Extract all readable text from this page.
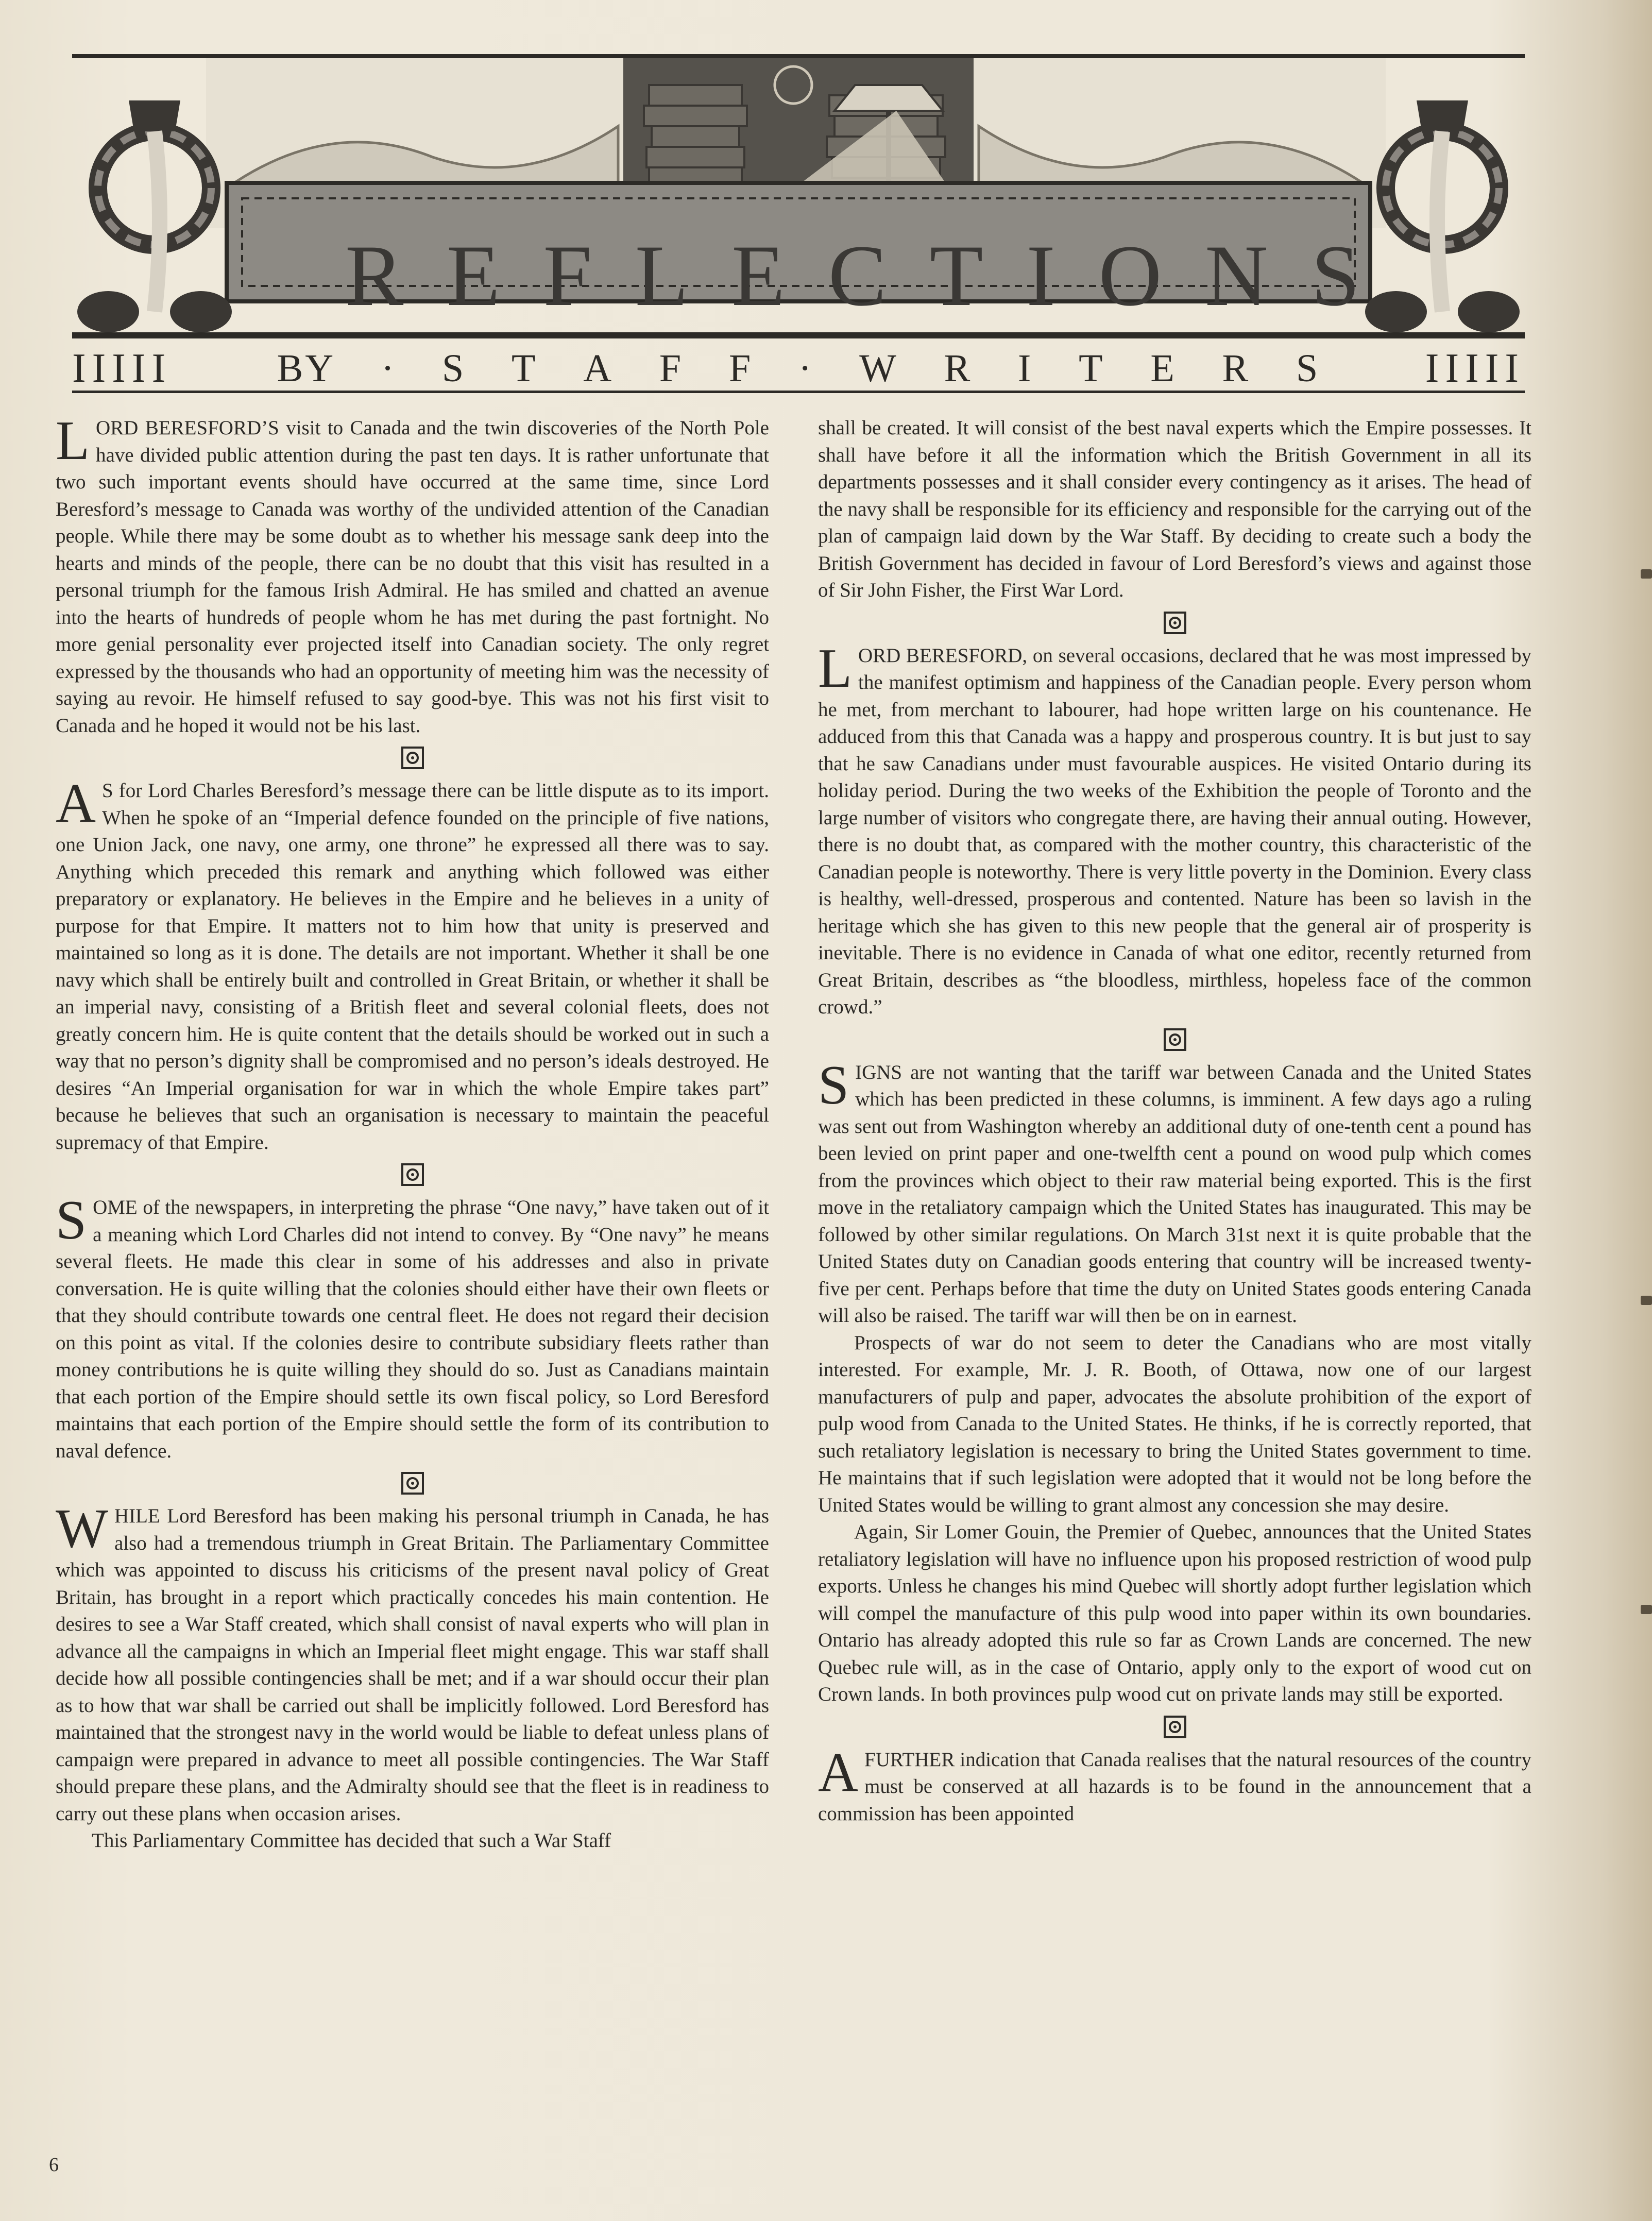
R E F L E C T I O N S
ІІІІІ	BY · S T A F F · W R I T E R S	ІІІІІ

LORD BERESFORD’S visit to Canada and the twin discoveries of the North Pole have divided public attention during the past ten days. It is rather unfortunate that two such important events should have occurred at the same time, since Lord Beresford’s message to Canada was worthy of the undivided attention of the Canadian people. While there may be some doubt as to whether his message sank deep into the hearts and minds of the people, there can be no doubt that this visit has resulted in a personal triumph for the famous Irish Admiral. He has smiled and chatted an avenue into the hearts of hundreds of people whom he has met during the past fortnight. No more genial personality ever projected itself into Canadian society. The only regret expressed by the thousands who had an opportunity of meeting him was the necessity of saying au revoir. He himself refused to say good-bye. This was not his first visit to Canada and he hoped it would not be his last.

A S for Lord Charles Beresford’s message there can be little dispute as to its import. When he spoke of an “Imperial defence founded on the principle of five nations, one Union Jack, one navy, one army, one throne” he expressed all there was to say. Anything which preceded this remark and anything which followed was either preparatory or explanatory. He believes in the Empire and he believes in a unity of purpose for that Empire. It matters not to him how that unity is preserved and maintained so long as it is done. The details are not important. Whether it shall be one navy which shall be entirely built and controlled in Great Britain, or whether it shall be an imperial navy, consisting of a British fleet and several colonial fleets, does not greatly concern him. He is quite content that the details should be worked out in such a way that no person’s dignity shall be compromised and no person’s ideals destroyed. He desires “An Imperial organisation for war in which the whole Empire takes part” because he believes that such an organisation is necessary to maintain the peaceful supremacy of that Empire.

SOME of the newspapers, in interpreting the phrase “One navy,” have taken out of it a meaning which Lord Charles did not intend to convey. By “One navy” he means several fleets. He made this clear in some of his addresses and also in private conversation. He is quite willing that the colonies should either have their own fleets or that they should contribute towards one central fleet. He does not regard their decision on this point as vital. If the colonies desire to contribute subsidiary fleets rather than money contributions he is quite willing they should do so. Just as Canadians maintain that each portion of the Empire should settle its own fiscal policy, so Lord Beresford maintains that each portion of the Empire should settle the form of its contribution to naval defence.

WHILE Lord Beresford has been making his personal triumph in Canada, he has also had a tremendous triumph in Great Britain. The Parliamentary Committee which was appointed to discuss his criticisms of the present naval policy of Great Britain, has brought in a report which practically concedes his main contention. He desires to see a War Staff created, which shall consist of naval experts who will plan in advance all the campaigns in which an Imperial fleet might engage. This war staff shall decide how all possible contingencies shall be met; and if a war should occur their plan as to how that war shall be carried out shall be implicitly followed. Lord Beresford has maintained that the strongest navy in the world would be liable to defeat unless plans of campaign were prepared in advance to meet all possible contingencies. The War Staff should prepare these plans, and the Admiralty should see that the fleet is in readiness to carry out these plans when occasion arises.

This Parliamentary Committee has decided that such a War Staff

shall be created. It will consist of the best naval experts which the Empire possesses. It shall have before it all the information which the British Government in all its departments possesses and it shall consider every contingency as it arises. The head of the navy shall be responsible for its efficiency and responsible for the carrying out of the plan of campaign laid down by the War Staff. By deciding to create such a body the British Government has decided in favour of Lord Beresford’s views and against those of Sir John Fisher, the First War Lord.

LORD BERESFORD, on several occasions, declared that he was most impressed by the manifest optimism and happiness of the Canadian people. Every person whom he met, from merchant to labourer, had hope written large on his countenance. He adduced from this that Canada was a happy and prosperous country. It is but just to say that he saw Canadians under must favourable auspices. He visited Ontario during its holiday period. During the two weeks of the Exhibition the people of Toronto and the large number of visitors who congregate there, are having their annual outing. However, there is no doubt that, as compared with the mother country, this characteristic of the Canadian people is noteworthy. There is very little poverty in the Dominion. Every class is healthy, well-dressed, prosperous and contented. Nature has been so lavish in the heritage which she has given to this new people that the general air of prosperity is inevitable. There is no evidence in Canada of what one editor, recently returned from Great Britain, describes as “the bloodless, mirthless, hopeless face of the common crowd.”

SIGNS are not wanting that the tariff war between Canada and the United States which has been predicted in these columns, is imminent. A few days ago a ruling was sent out from Washington whereby an additional duty of one-tenth cent a pound has been levied on print paper and one-twelfth cent a pound on wood pulp which comes from the provinces which object to their raw material being exported. This is the first move in the retaliatory campaign which the United States has inaugurated. This may be followed by other similar regulations. On March 31st next it is quite probable that the United States duty on Canadian goods entering that country will be increased twenty-five per cent. Perhaps before that time the duty on United States goods entering Canada will also be raised. The tariff war will then be on in earnest.

Prospects of war do not seem to deter the Canadians who are most vitally interested. For example, Mr. J. R. Booth, of Ottawa, now one of our largest manufacturers of pulp and paper, advocates the absolute prohibition of the export of pulp wood from Canada to the United States. He thinks, if he is correctly reported, that such retaliatory legislation is necessary to bring the United States government to time. He maintains that if such legislation were adopted that it would not be long before the United States would be willing to grant almost any concession she may desire.

Again, Sir Lomer Gouin, the Premier of Quebec, announces that the United States retaliatory legislation will have no influence upon his proposed restriction of wood pulp exports. Unless he changes his mind Quebec will shortly adopt further legislation which will compel the manufacture of this pulp wood into paper within its own boundaries. Ontario has already adopted this rule so far as Crown Lands are concerned. The new Quebec rule will, as in the case of Ontario, apply only to the export of wood cut on Crown lands. In both provinces pulp wood cut on private lands may still be exported.

AFURTHER indication that Canada realises that the natural resources of the country must be conserved at all hazards is to be found in the announcement that a commission has been appointed

6
